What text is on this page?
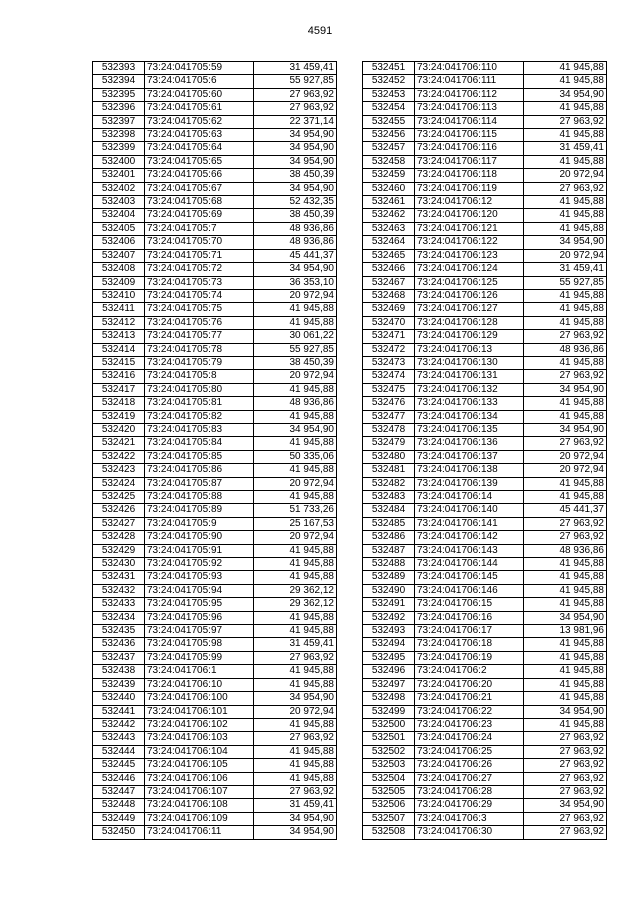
4591
532393	73:24:041705:59	31 459,41
532394	73:24:041705:6	55 927,85
532395	73:24:041705:60	27 963,92
532396	73:24:041705:61	27 963,92
532397	73:24:041705:62	22 371,14
532398	73:24:041705:63	34 954,90
532399	73:24:041705:64	34 954,90
532400	73:24:041705:65	34 954,90
532401	73:24:041705:66	38 450,39
532402	73:24:041705:67	34 954,90
532403	73:24:041705:68	52 432,35
532404	73:24:041705:69	38 450,39
532405	73:24:041705:7	48 936,86
532406	73:24:041705:70	48 936,86
532407	73:24:041705:71	45 441,37
532408	73:24:041705:72	34 954,90
532409	73:24:041705:73	36 353,10
532410	73:24:041705:74	20 972,94
532411	73:24:041705:75	41 945,88
532412	73:24:041705:76	41 945,88
532413	73:24:041705:77	30 061,22
532414	73:24:041705:78	55 927,85
532415	73:24:041705:79	38 450,39
532416	73:24:041705:8	20 972,94
532417	73:24:041705:80	41 945,88
532418	73:24:041705:81	48 936,86
532419	73:24:041705:82	41 945,88
532420	73:24:041705:83	34 954,90
532421	73:24:041705:84	41 945,88
532422	73:24:041705:85	50 335,06
532423	73:24:041705:86	41 945,88
532424	73:24:041705:87	20 972,94
532425	73:24:041705:88	41 945,88
532426	73:24:041705:89	51 733,26
532427	73:24:041705:9	25 167,53
532428	73:24:041705:90	20 972,94
532429	73:24:041705:91	41 945,88
532430	73:24:041705:92	41 945,88
532431	73:24:041705:93	41 945,88
532432	73:24:041705:94	29 362,12
532433	73:24:041705:95	29 362,12
532434	73:24:041705:96	41 945,88
532435	73:24:041705:97	41 945,88
532436	73:24:041705:98	31 459,41
532437	73:24:041705:99	27 963,92
532438	73:24:041706:1	41 945,88
532439	73:24:041706:10	41 945,88
532440	73:24:041706:100	34 954,90
532441	73:24:041706:101	20 972,94
532442	73:24:041706:102	41 945,88
532443	73:24:041706:103	27 963,92
532444	73:24:041706:104	41 945,88
532445	73:24:041706:105	41 945,88
532446	73:24:041706:106	41 945,88
532447	73:24:041706:107	27 963,92
532448	73:24:041706:108	31 459,41
532449	73:24:041706:109	34 954,90
532450	73:24:041706:11	34 954,90
532451	73:24:041706:110	41 945,88
532452	73:24:041706:111	41 945,88
532453	73:24:041706:112	34 954,90
532454	73:24:041706:113	41 945,88
532455	73:24:041706:114	27 963,92
532456	73:24:041706:115	41 945,88
532457	73:24:041706:116	31 459,41
532458	73:24:041706:117	41 945,88
532459	73:24:041706:118	20 972,94
532460	73:24:041706:119	27 963,92
532461	73:24:041706:12	41 945,88
532462	73:24:041706:120	41 945,88
532463	73:24:041706:121	41 945,88
532464	73:24:041706:122	34 954,90
532465	73:24:041706:123	20 972,94
532466	73:24:041706:124	31 459,41
532467	73:24:041706:125	55 927,85
532468	73:24:041706:126	41 945,88
532469	73:24:041706:127	41 945,88
532470	73:24:041706:128	41 945,88
532471	73:24:041706:129	27 963,92
532472	73:24:041706:13	48 936,86
532473	73:24:041706:130	41 945,88
532474	73:24:041706:131	27 963,92
532475	73:24:041706:132	34 954,90
532476	73:24:041706:133	41 945,88
532477	73:24:041706:134	41 945,88
532478	73:24:041706:135	34 954,90
532479	73:24:041706:136	27 963,92
532480	73:24:041706:137	20 972,94
532481	73:24:041706:138	20 972,94
532482	73:24:041706:139	41 945,88
532483	73:24:041706:14	41 945,88
532484	73:24:041706:140	45 441,37
532485	73:24:041706:141	27 963,92
532486	73:24:041706:142	27 963,92
532487	73:24:041706:143	48 936,86
532488	73:24:041706:144	41 945,88
532489	73:24:041706:145	41 945,88
532490	73:24:041706:146	41 945,88
532491	73:24:041706:15	41 945,88
532492	73:24:041706:16	34 954,90
532493	73:24:041706:17	13 981,96
532494	73:24:041706:18	41 945,88
532495	73:24:041706:19	41 945,88
532496	73:24:041706:2	41 945,88
532497	73:24:041706:20	41 945,88
532498	73:24:041706:21	41 945,88
532499	73:24:041706:22	34 954,90
532500	73:24:041706:23	41 945,88
532501	73:24:041706:24	27 963,92
532502	73:24:041706:25	27 963,92
532503	73:24:041706:26	27 963,92
532504	73:24:041706:27	27 963,92
532505	73:24:041706:28	27 963,92
532506	73:24:041706:29	34 954,90
532507	73:24:041706:3	27 963,92
532508	73:24:041706:30	27 963,92
